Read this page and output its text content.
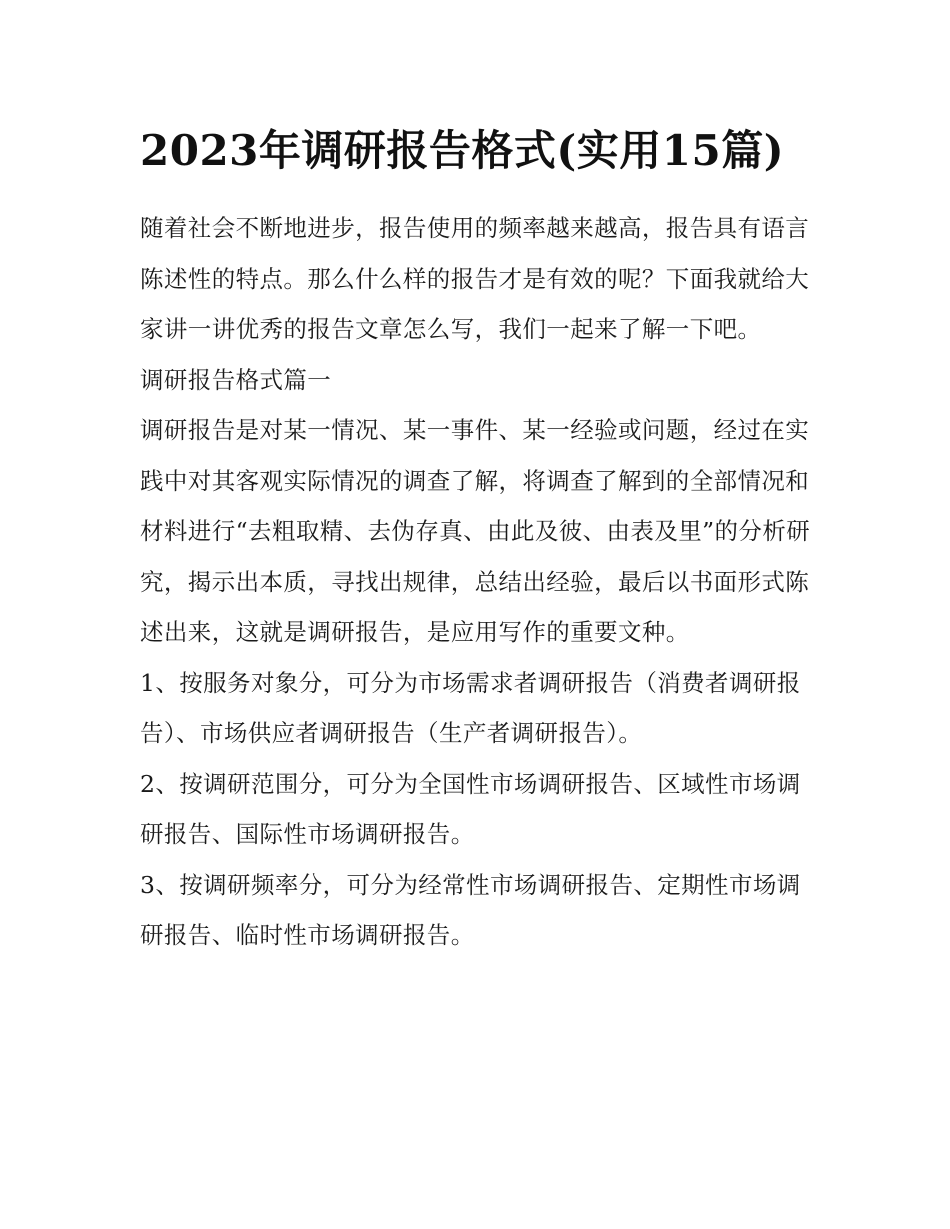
2023年调研报告格式(实用15篇)

随着社会不断地进步，报告使用的频率越来越高，报告具有语言陈述性的特点。那么什么样的报告才是有效的呢？下面我就给大家讲一讲优秀的报告文章怎么写，我们一起来了解一下吧。

调研报告格式篇一

调研报告是对某一情况、某一事件、某一经验或问题，经过在实践中对其客观实际情况的调查了解，将调查了解到的全部情况和材料进行“去粗取精、去伪存真、由此及彼、由表及里”的分析研究，揭示出本质，寻找出规律，总结出经验，最后以书面形式陈述出来，这就是调研报告，是应用写作的重要文种。

1、按服务对象分，可分为市场需求者调研报告（消费者调研报告）、市场供应者调研报告（生产者调研报告）。

2、按调研范围分，可分为全国性市场调研报告、区域性市场调研报告、国际性市场调研报告。

3、按调研频率分，可分为经常性市场调研报告、定期性市场调研报告、临时性市场调研报告。
